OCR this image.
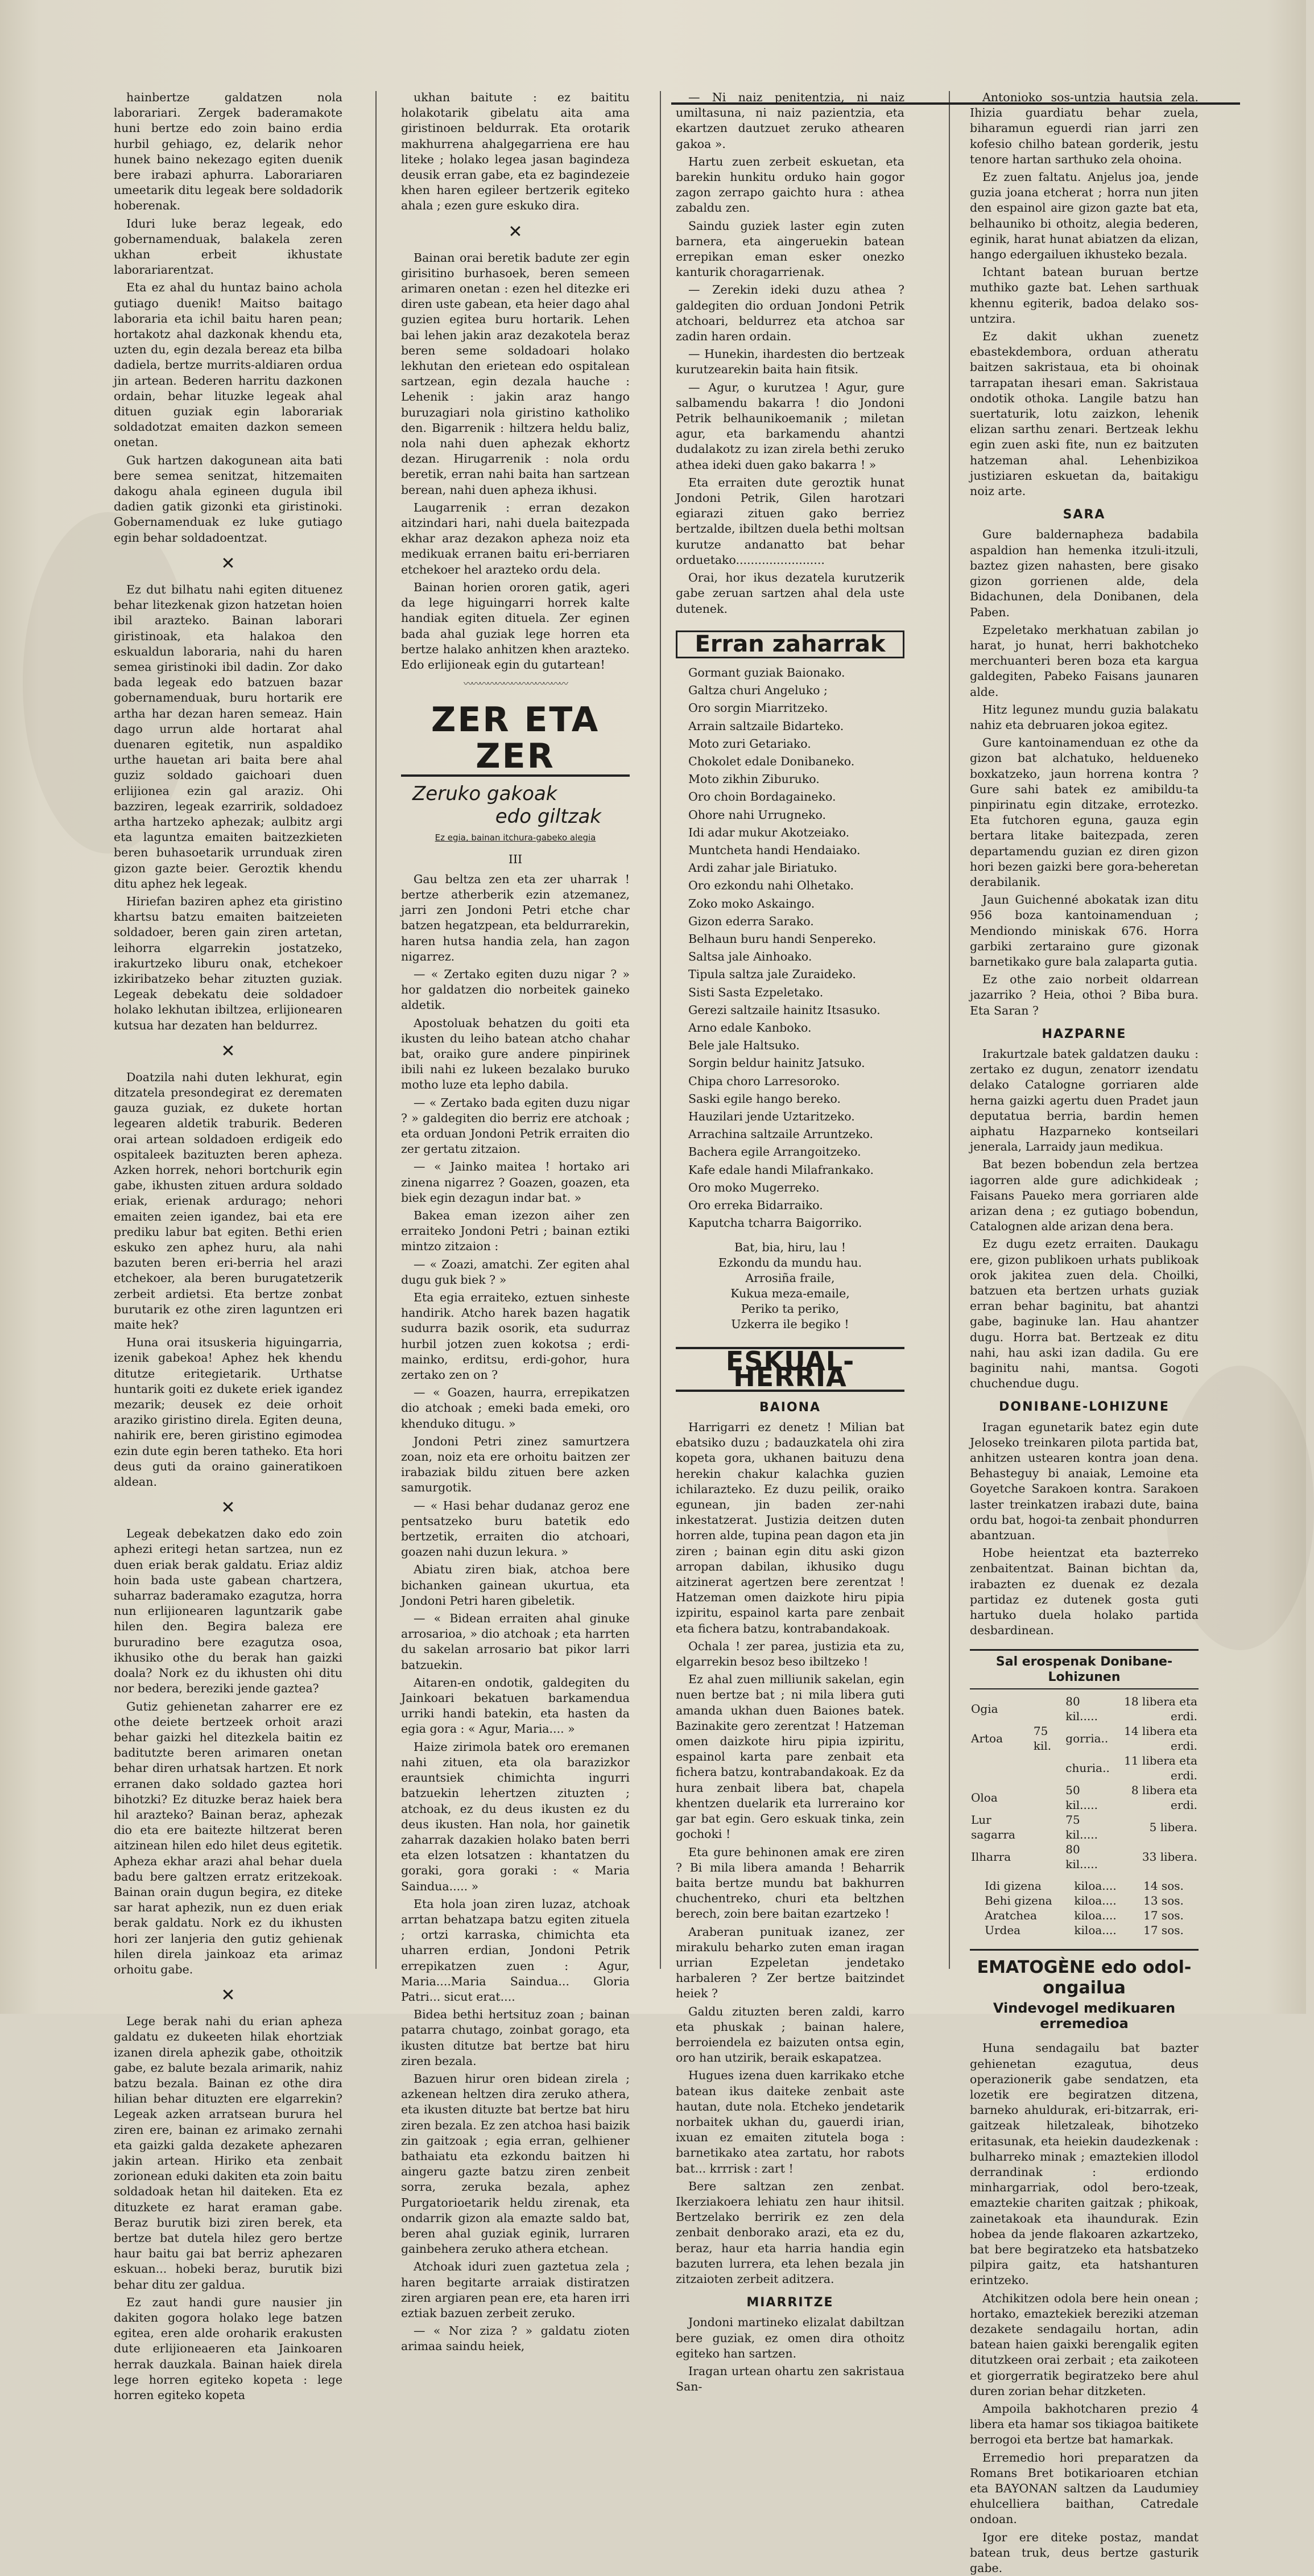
hainbertze galdatzen nola laborariari. Zergek baderamakote huni bertze edo zoin baino erdia hurbil gehiago, ez, delarik nehor hunek baino nekezago egiten duenik bere irabazi aphurra. Laborariaren umeetarik ditu legeak bere soldadorik hoberenak.

Iduri luke beraz legeak, edo gobernamenduak, balakela zeren ukhan erbeit ikhustate laborariarentzat.

Eta ez ahal du huntaz baino achola gutiago duenik! Maitso baitago laboraria eta ichil baitu haren pean; hortakotz ahal dazkonak khendu eta, uzten du, egin dezala bereaz eta bilba dadiela, bertze murrits-aldiaren ordua jin artean. Bederen harritu dazkonen ordain, behar lituzke legeak ahal dituen guziak egin laborariak soldadotzat emaiten dazkon semeen onetan.

Guk hartzen dakogunean aita bati bere semea senitzat, hitzemaiten dakogu ahala egineen dugula ibil dadien gatik gizonki eta giristinoki. Gobernamenduak ez luke gutiago egin behar soldadoentzat.

✕

Ez dut bilhatu nahi egiten dituenez behar litezkenak gizon hatzetan hoien ibil arazteko. Bainan laborari giristinoak, eta halakoa den eskualdun laboraria, nahi du haren semea giristinoki ibil dadin. Zor dako bada legeak edo batzuen bazar gobernamenduak, buru hortarik ere artha har dezan haren semeaz. Hain dago urrun alde hortarat ahal duenaren egitetik, nun aspaldiko urthe hauetan ari baita bere ahal guziz soldado gaichoari duen erlijionea ezin gal araziz. Ohi bazziren, legeak ezarririk, soldadoez artha hartzeko aphezak; aulbitz argi eta laguntza emaiten baitzezkieten beren buhasoetarik urrunduak ziren gizon gazte beier. Geroztik khendu ditu aphez hek legeak.

Hiriefan baziren aphez eta giristino khartsu batzu emaiten baitzeieten soldadoer, beren gain ziren artetan, leihorra elgarrekin jostatzeko, irakurtzeko liburu onak, etchekoer izkiribatzeko behar zituzten guziak. Legeak debekatu deie soldadoer holako lekhutan ibiltzea, erlijionearen kutsua har dezaten han beldurrez.

✕

Doatzila nahi duten lekhurat, egin ditzatela presondegirat ez derematen gauza guziak, ez dukete hortan legearen aldetik traburik. Bederen orai artean soldadoen erdigeik edo ospitaleek bazituzten beren apheza. Azken horrek, nehori bortchurik egin gabe, ikhusten zituen ardura soldado eriak, erienak ardurago; nehori emaiten zeien igandez, bai eta ere prediku labur bat egiten. Bethi erien eskuko zen aphez huru, ala nahi bazuten beren eri-berria hel arazi etchekoer, ala beren burugatetzerik zerbeit ardietsi. Eta bertze zonbat burutarik ez othe ziren laguntzen eri maite hek?

Huna orai itsuskeria higuingarria, izenik gabekoa! Aphez hek khendu ditutze eritegietarik. Urthatse huntarik goiti ez dukete eriek igandez mezarik; deusek ez deie orhoit araziko giristino direla. Egiten deuna, nahirik ere, beren giristino egimodea ezin dute egin beren tatheko. Eta hori deus guti da oraino gaineratikoen aldean.

✕

Legeak debekatzen dako edo zoin aphezi eritegi hetan sartzea, nun ez duen eriak berak galdatu. Eriaz aldiz hoin bada uste gabean chartzera, suharraz baderamako ezagutza, horra nun erlijionearen laguntzarik gabe hilen den. Begira baleza ere bururadino bere ezagutza osoa, ikhusiko othe du berak han gaizki doala? Nork ez du ikhusten ohi ditu nor bedera, bereziki jende gaztea?

Gutiz gehienetan zaharrer ere ez othe deiete bertzeek orhoit arazi behar gaizki hel ditezkela baitin ez baditutzte beren arimaren onetan behar diren urhatsak hartzen. Et nork erranen dako soldado gaztea hori bihotzki? Ez dituzke beraz haiek bera hil arazteko? Bainan beraz, aphezak dio eta ere baitezte hiltzerat beren aitzinean hilen edo hilet deus egitetik. Apheza ekhar arazi ahal behar duela badu bere galtzen erratz eritzekoak. Bainan orain dugun begira, ez diteke sar harat aphezik, nun ez duen eriak berak galdatu. Nork ez du ikhusten hori zer lanjeria den gutiz gehienak hilen direla jainkoaz eta arimaz orhoitu gabe.

✕

Lege berak nahi du erian apheza galdatu ez dukeeten hilak ehortziak izanen direla aphezik gabe, othoitzik gabe, ez balute bezala arimarik, nahiz batzu bezala. Bainan ez othe dira hilian behar dituzten ere elgarrekin? Legeak azken arratsean burura hel ziren ere, bainan ez arimako zernahi eta gaizki galda dezakete aphezaren jakin artean. Hiriko eta zenbait zorionean eduki dakiten eta zoin baitu soldadoak hetan hil daiteken. Eta ez dituzkete ez harat eraman gabe. Beraz burutik bizi ziren berek, eta bertze bat dutela hilez gero bertze haur baitu gai bat berriz aphezaren eskuan... hobeki beraz, burutik bizi behar ditu zer galdua.

Ez zaut handi gure nausier jin dakiten gogora holako lege batzen egitea, eren alde oroharik erakusten dute erlijioneaeren eta Jainkoaren herrak dauzkala. Bainan haiek direla lege horren egiteko kopeta : lege horren egiteko kopeta

ukhan baitute : ez baititu holakotarik gibelatu aita ama giristinoen beldurrak. Eta orotarik makhurrena ahalgegarriena ere hau liteke ; holako legea jasan bagindeza deusik erran gabe, eta ez bagindezeie khen haren egileer bertzerik egiteko ahala ; ezen gure eskuko dira.

✕

Bainan orai beretik badute zer egin girisitino burhasoek, beren semeen arimaren onetan : ezen hel ditezke eri diren uste gabean, eta heier dago ahal guzien egitea buru hortarik. Lehen bai lehen jakin araz dezakotela beraz beren seme soldadoari holako lekhutan den erietean edo ospitalean sartzean, egin dezala hauche : Lehenik : jakin araz hango buruzagiari nola giristino katholiko den. Bigarrenik : hiltzera heldu baliz, nola nahi duen aphezak ekhortz dezan. Hirugarrenik : nola ordu beretik, erran nahi baita han sartzean berean, nahi duen apheza ikhusi.

Laugarrenik : erran dezakon aitzindari hari, nahi duela baitezpada ekhar araz dezakon apheza noiz eta medikuak erranen baitu eri-berriaren etchekoer hel arazteko ordu dela.

Bainan horien ororen gatik, ageri da lege higuingarri horrek kalte handiak egiten dituela. Zer eginen bada ahal guziak lege horren eta bertze halako anhitzen khen arazteko. Edo erlijioneak egin du gutartean!

〰〰〰〰〰〰〰〰〰〰〰〰〰
ZER ETA ZER
Zeruko gakoak
edo giltzak
Ez egia, bainan itchura-gabeko alegia
III

Gau beltza zen eta zer uharrak ! bertze atherberik ezin atzemanez, jarri zen Jondoni Petri etche char batzen hegatzpean, eta beldurrarekin, haren hutsa handia zela, han zagon nigarrez.

— « Zertako egiten duzu nigar ? » hor galdatzen dio norbeitek gaineko aldetik.

Apostoluak behatzen du goiti eta ikusten du leiho batean atcho chahar bat, oraiko gure andere pinpirinek ibili nahi ez lukeen bezalako buruko motho luze eta lepho dabila.

— « Zertako bada egiten duzu nigar ? » galdegiten dio berriz ere atchoak ; eta orduan Jondoni Petrik erraiten dio zer gertatu zitzaion.

— « Jainko maitea ! hortako ari zinena nigarrez ? Goazen, goazen, eta biek egin dezagun indar bat. »

Bakea eman izezon aiher zen erraiteko Jondoni Petri ; bainan eztiki mintzo zitzaion :

— « Zoazi, amatchi. Zer egiten ahal dugu guk biek ? »

Eta egia erraiteko, eztuen sinheste handirik. Atcho harek bazen hagatik sudurra bazik osorik, eta sudurraz hurbil jotzen zuen kokotsa ; erdi-mainko, erditsu, erdi-gohor, hura zertako zen on ?

— « Goazen, haurra, errepikatzen dio atchoak ; emeki bada emeki, oro khenduko ditugu. »

Jondoni Petri zinez samurtzera zoan, noiz eta ere orhoitu baitzen zer irabaziak bildu zituen bere azken samurgotik.

— « Hasi behar dudanaz geroz ene pentsatzeko buru batetik edo bertzetik, erraiten dio atchoari, goazen nahi duzun lekura. »

Abiatu ziren biak, atchoa bere bichanken gainean ukurtua, eta Jondoni Petri haren gibeletik.

— « Bidean erraiten ahal ginuke arrosarioa, » dio atchoak ; eta harrten du sakelan arrosario bat pikor larri batzuekin.

Aitaren-en ondotik, galdegiten du Jainkoari bekatuen barkamendua urriki handi batekin, eta hasten da egia gora : « Agur, Maria.... »

Haize zirimola batek oro eremanen nahi zituen, eta ola barazizkor erauntsiek chimichta ingurri batzuekin lehertzen zituzten ; atchoak, ez du deus ikusten ez du deus ikusten. Han nola, hor gainetik zaharrak dazakien holako baten berri eta elzen lotsatzen : khantatzen du goraki, gora goraki : « Maria Saindua..... »

Eta hola joan ziren luzaz, atchoak arrtan behatzapa batzu egiten zituela ; ortzi karraska, chimichta eta uharren erdian, Jondoni Petrik errepikatzen zuen : Agur, Maria....Maria Saindua... Gloria Patri... sicut erat....

Bidea bethi hertsituz zoan ; bainan patarra chutago, zoinbat gorago, eta ikusten ditutze bat bertze bat hiru ziren bezala.

Bazuen hirur oren bidean zirela ; azkenean heltzen dira zeruko athera, eta ikusten dituzte bat bertze bat hiru ziren bezala. Ez zen atchoa hasi baizik zin gaitzoak ; egia erran, gelhiener bathaiatu eta ezkondu baitzen hi aingeru gazte batzu ziren zenbeit sorra, zeruka bezala, aphez Purgatorioetarik heldu zirenak, eta ondarrik gizon ala emazte saldo bat, beren ahal guziak eginik, lurraren gainbehera zeruko athera etchean.

Atchoak iduri zuen gaztetua zela ; haren begitarte arraiak distiratzen ziren argiaren pean ere, eta haren irri eztiak bazuen zerbeit zeruko.

— « Nor ziza ? » galdatu zioten arimaa saindu heiek,

— Ni naiz penitentzia, ni naiz umiltasuna, ni naiz pazientzia, eta ekartzen dautzuet zeruko athearen gakoa ».

Hartu zuen zerbeit eskuetan, eta barekin hunkitu orduko hain gogor zagon zerrapo gaichto hura : athea zabaldu zen.

Saindu guziek laster egin zuten barnera, eta aingeruekin batean errepikan eman esker onezko kanturik choragarrienak.

— Zerekin ideki duzu athea ? galdegiten dio orduan Jondoni Petrik atchoari, beldurrez eta atchoa sar zadin haren ordain.

— Hunekin, ihardesten dio bertzeak kurutzearekin baita hain fitsik.

— Agur, o kurutzea ! Agur, gure salbamendu bakarra ! dio Jondoni Petrik belhaunikoemanik ; miletan agur, eta barkamendu ahantzi dudalakotz zu izan zirela bethi zeruko athea ideki duen gako bakarra ! »

Eta erraiten dute geroztik hunat Jondoni Petrik, Gilen harotzari egiarazi zituen gako berriez bertzalde, ibiltzen duela bethi moltsan kurutze andanatto bat behar orduetako........................

Orai, hor ikus dezatela kurutzerik gabe zeruan sartzen ahal dela uste dutenek.

Erran zaharrak

Gormant guziak Baionako.

Galtza churi Angeluko ;

Oro sorgin Miarritzeko.

Arrain saltzaile Bidarteko.

Moto zuri Getariako.

Chokolet edale Donibaneko.

Moto zikhin Ziburuko.

Oro choin Bordagaineko.

Ohore nahi Urrugneko.

Idi adar mukur Akotzeiako.

Muntcheta handi Hendaiako.

Ardi zahar jale Biriatuko.

Oro ezkondu nahi Olhetako.

Zoko moko Askaingo.

Gizon ederra Sarako.

Belhaun buru handi Senpereko.

Saltsa jale Ainhoako.

Tipula saltza jale Zuraideko.

Sisti Sasta Ezpeletako.

Gerezi saltzaile hainitz Itsasuko.

Arno edale Kanboko.

Bele jale Haltsuko.

Sorgin beldur hainitz Jatsuko.

Chipa choro Larresoroko.

Saski egile hango bereko.

Hauzilari jende Uztaritzeko.

Arrachina saltzaile Arruntzeko.

Bachera egile Arrangoitzeko.

Kafe edale handi Milafrankako.

Oro moko Mugerreko.

Oro erreka Bidarraiko.

Kaputcha tcharra Baigorriko.

Bat, bia, hiru, lau !
Ezkondu da mundu hau.
Arrosiña fraile,
Kukua meza-emaile,
Periko ta periko,
Uzkerra ile begiko !
ESKUAL-HERRIA
BAIONA

Harrigarri ez denetz ! Milian bat ebatsiko duzu ; badauzkatela ohi zira kopeta gora, ukhanen baituzu dena herekin chakur kalachka guzien ichilarazteko. Ez duzu peilik, oraiko egunean, jin baden zer-nahi inkestatzerat. Justizia deitzen duten horren alde, tupina pean dagon eta jin ziren ; bainan egin ditu aski gizon arropan dabilan, ikhusiko dugu aitzinerat agertzen bere zerentzat ! Hatzeman omen daizkote hiru pipia izpiritu, espainol karta pare zenbait eta fichera batzu, kontrabandakoak.

Ochala ! zer parea, justizia eta zu, elgarrekin besoz beso ibiltzeko !

Ez ahal zuen milliunik sakelan, egin nuen bertze bat ; ni mila libera guti amanda ukhan duen Baiones batek. Bazinakite gero zerentzat ! Hatzeman omen daizkote hiru pipia izpiritu, espainol karta pare zenbait eta fichera batzu, kontrabandakoak. Ez da hura zenbait libera bat, chapela khentzen duelarik eta lurreraino kor gar bat egin. Gero eskuak tinka, zein gochoki !

Eta gure behinonen amak ere ziren ? Bi mila libera amanda ! Beharrik baita bertze mundu bat bakhurren chuchentreko, churi eta beltzhen berech, zoin bere baitan ezartzeko !

Araberan punituak izanez, zer mirakulu beharko zuten eman iragan urrian Ezpeletan jendetako harbaleren ? Zer bertze baitzindet heiek ?

Galdu zituzten beren zaldi, karro eta phuskak ; bainan halere, berroiendela ez baizuten ontsa egin, oro han utzirik, beraik eskapatzea.

Hugues izena duen karrikako etche batean ikus daiteke zenbait aste hautan, dute nola. Etcheko jendetarik norbaitek ukhan du, gauerdi irian, ixuan ez emaiten zitutela boga : barnetikako atea zartatu, hor rabots bat... krrrisk : zart !

Bere saltzan zen zenbat. Ikerziakoera lehiatu zen haur ihitsil. Bertzelako berririk ez zen dela zenbait denborako arazi, eta ez du, beraz, haur eta harria handia egin bazuten lurrera, eta lehen bezala jin zitzaioten zerbeit aditzera.

MIARRITZE

Jondoni martineko elizalat dabiltzan bere guziak, ez omen dira othoitz egiteko han sartzen.

Iragan urtean ohartu zen sakristaua San-

Antonioko sos-untzia hautsia zela. Ihizia guardiatu behar zuela, biharamun eguerdi rian jarri zen kofesio chilho batean gorderik, jestu tenore hartan sarthuko zela ohoina.

Ez zuen faltatu. Anjelus joa, jende guzia joana etcherat ; horra nun jiten den espainol aire gizon gazte bat eta, belhauniko bi othoitz, alegia bederen, eginik, harat hunat abiatzen da elizan, hango edergailuen ikhusteko bezala.

Ichtant batean buruan bertze muthiko gazte bat. Lehen sarthuak khennu egiterik, badoa delako sos-untzira.

Ez dakit ukhan zuenetz ebastekdembora, orduan atheratu baitzen sakristaua, eta bi ohoinak tarrapatan ihesari eman. Sakristaua ondotik othoka. Langile batzu han suertaturik, lotu zaizkon, lehenik elizan sarthu zenari. Bertzeak lekhu egin zuen aski fite, nun ez baitzuten hatzeman ahal. Lehenbizikoa justiziaren eskuetan da, baitakigu noiz arte.

SARA

Gure baldernapheza badabila aspaldion han hemenka itzuli-itzuli, baztez gizen nahasten, bere gisako gizon gorrienen alde, dela Bidachunen, dela Donibanen, dela Paben.

Ezpeletako merkhatuan zabilan jo harat, jo hunat, herri bakhotcheko merchuanteri beren boza eta kargua galdegiten, Pabeko Faisans jaunaren alde.

Hitz legunez mundu guzia balakatu nahiz eta debruaren jokoa egitez.

Gure kantoinamenduan ez othe da gizon bat alchatuko, heldueneko boxkatzeko, jaun horrena kontra ? Gure sahi batek ez amibildu-ta pinpirinatu egin ditzake, errotezko. Eta futchoren eguna, gauza egin bertara litake baitezpada, zeren departamendu guzian ez diren gizon hori bezen gaizki bere gora-beheretan derabilanik.

Jaun Guichenné abokatak izan ditu 956 boza kantoinamenduan ; Mendiondo miniskak 676. Horra garbiki zertaraino gure gizonak barnetikako gure bala zalaparta gutia.

Ez othe zaio norbeit oldarrean jazarriko ? Heia, othoi ? Biba bura. Eta Saran ?

HAZPARNE

Irakurtzale batek galdatzen dauku : zertako ez dugun, zenatorr izendatu delako Catalogne gorriaren alde herna gaizki agertu duen Pradet jaun deputatua berria, bardin hemen aiphatu Hazparneko kontseilari jenerala, Larraidy jaun medikua.

Bat bezen bobendun zela bertzea iagorren alde gure adichkideak ; Faisans Paueko mera gorriaren alde arizan dena ; ez gutiago bobendun, Catalognen alde arizan dena bera.

Ez dugu ezetz erraiten. Daukagu ere, gizon publikoen urhats publikoak orok jakitea zuen dela. Choilki, batzuen eta bertzen urhats guziak erran behar baginitu, bat ahantzi gabe, baginuke lan. Hau ahantzer dugu. Horra bat. Bertzeak ez ditu nahi, hau aski izan dadila. Gu ere baginitu nahi, mantsa. Gogoti chuchendue dugu.

DONIBANE-LOHIZUNE

Iragan egunetarik batez egin dute Jeloseko treinkaren pilota partida bat, anhitzen ustearen kontra joan dena. Behasteguy bi anaiak, Lemoine eta Goyetche Sarakoen kontra. Sarakoen laster treinkatzen irabazi dute, baina ordu bat, hogoi-ta zenbait phondurren abantzuan.

Hobe heientzat eta bazterreko zenbaitentzat. Bainan bichtan da, irabazten ez duenak ez dezala partidaz ez dutenek gosta guti hartuko duela holako partida desbardinean.

Sal erospenak Donibane-Lohizunen
Ogia		80 kil.....	18 libera eta erdi.
Artoa	75 kil.	gorria..	14 libera eta erdi.
		churia..	11 libera eta erdi.
Oloa		50 kil.....	8 libera eta erdi.
Lur sagarra		75 kil.....	5 libera.
Ilharra		80 kil.....	33 libera.
Idi gizena	kiloa....	14 sos.
Behi gizena	kiloa....	13 sos.
Aratchea	kiloa....	17 sos.
Urdea	kiloa....	17 sos.
EMATOGÈNE edo odol-ongailua
Vindevogel medikuaren erremedioa

Huna sendagailu bat bazter gehienetan ezagutua, deus operazionerik gabe sendatzen, eta lozetik ere begiratzen ditzena, barneko ahuldurak, eri-bitzarrak, eri-gaitzeak hiletzaleak, bihotzeko eritasunak, eta heiekin daudezkenak : bulharreko minak ; emaztekien illodol derrandinak : erdiondo minhargarriak, odol bero-tzeak, emaztekie chariten gaitzak ; phikoak, zainetakoak eta ihaundurak. Ezin hobea da jende flakoaren azkartzeko, bat bere begiratzeko eta hatsbatzeko pilpira gaitz, eta hatshanturen erintzeko.

Atchikitzen odola bere hein onean ; hortako, emaztekiek bereziki atzeman dezakete sendagailu hortan, adin batean haien gaixki berengalik egiten ditutzkeen orai zerbait ; eta zaikoteen et giorgerratik begiratzeko bere ahul duren zorian behar ditzketen.

Ampoila bakhotcharen prezio 4 libera eta hamar sos tikiagoa baitikete berrogoi eta bertze bat hamarkak.

Erremedio hori preparatzen da Romans Bret botikarioaren etchian eta BAYONAN saltzen da Laudumiey ehulcelliera baithan, Catredale ondoan.

Igor ere diteke postaz, mandat batean truk, deus bertze gasturik gabe.
